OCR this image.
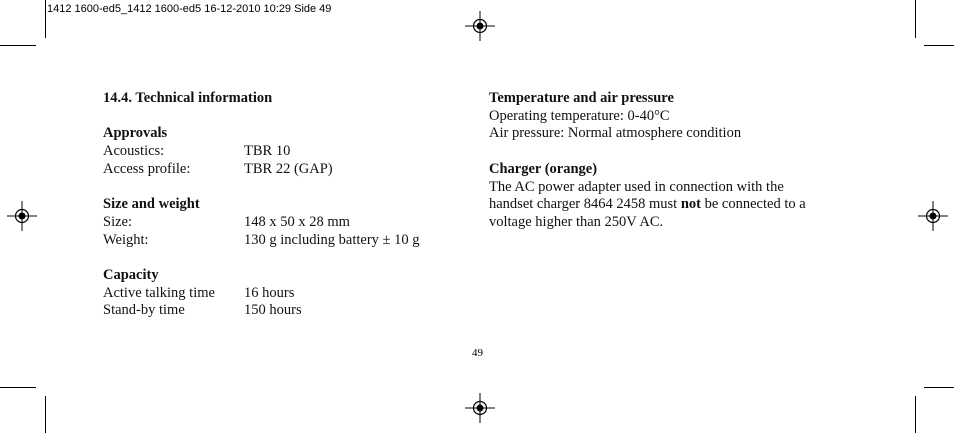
1412 1600-ed5_1412 1600-ed5 16-12-2010 10:29 Side 49
14.4. Technical information
Approvals
Acoustics:	TBR 10
Access profile:	TBR 22 (GAP)
Size and weight
Size:	148 x 50 x 28 mm
Weight:	130 g including battery ± 10 g
Capacity
Active talking time	16 hours
Stand-by time	150 hours
Temperature and air pressure
Operating temperature: 0-40°C
Air pressure: Normal atmosphere condition
Charger (orange)
The AC power adapter used in connection with the
handset charger 8464 2458 must not be connected to a
voltage higher than 250V AC.
49
